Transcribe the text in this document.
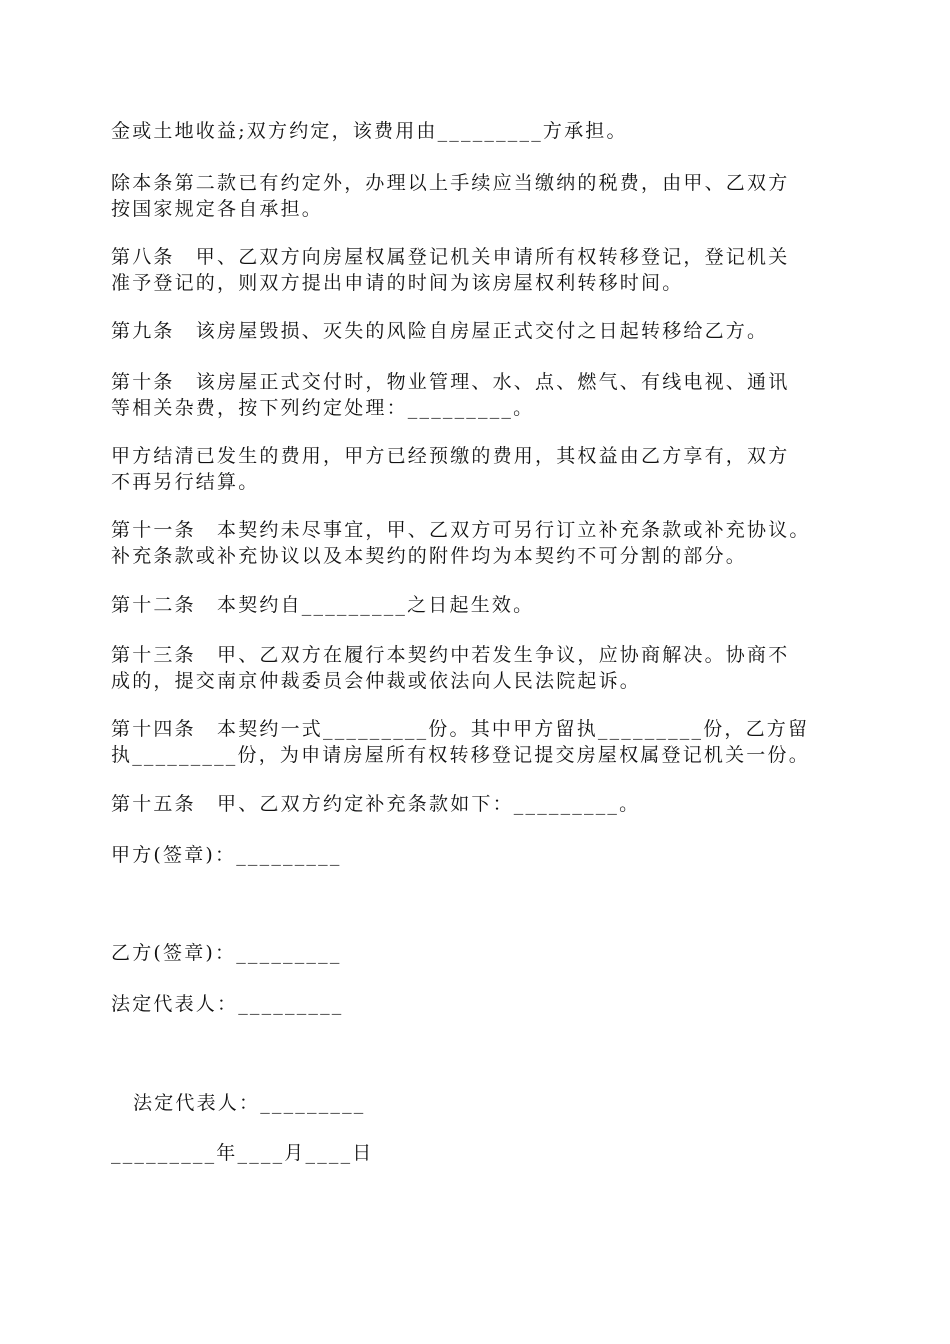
金或土地收益;双方约定，该费用由_________方承担。
除本条第二款已有约定外，办理以上手续应当缴纳的税费，由甲、乙双方
按国家规定各自承担。
第八条　甲、乙双方向房屋权属登记机关申请所有权转移登记，登记机关
准予登记的，则双方提出申请的时间为该房屋权利转移时间。
第九条　该房屋毁损、灭失的风险自房屋正式交付之日起转移给乙方。
第十条　该房屋正式交付时，物业管理、水、点、燃气、有线电视、通讯
等相关杂费，按下列约定处理：_________。
甲方结清已发生的费用，甲方已经预缴的费用，其权益由乙方享有，双方
不再另行结算。
第十一条　本契约未尽事宜，甲、乙双方可另行订立补充条款或补充协议。
补充条款或补充协议以及本契约的附件均为本契约不可分割的部分。
第十二条　本契约自_________之日起生效。
第十三条　甲、乙双方在履行本契约中若发生争议，应协商解决。协商不
成的，提交南京仲裁委员会仲裁或依法向人民法院起诉。
第十四条　本契约一式_________份。其中甲方留执_________份，乙方留
执_________份，为申请房屋所有权转移登记提交房屋权属登记机关一份。
第十五条　甲、乙双方约定补充条款如下：_________。
甲方(签章)：_________
乙方(签章)：_________
法定代表人：_________
法定代表人：_________
_________年____月____日
